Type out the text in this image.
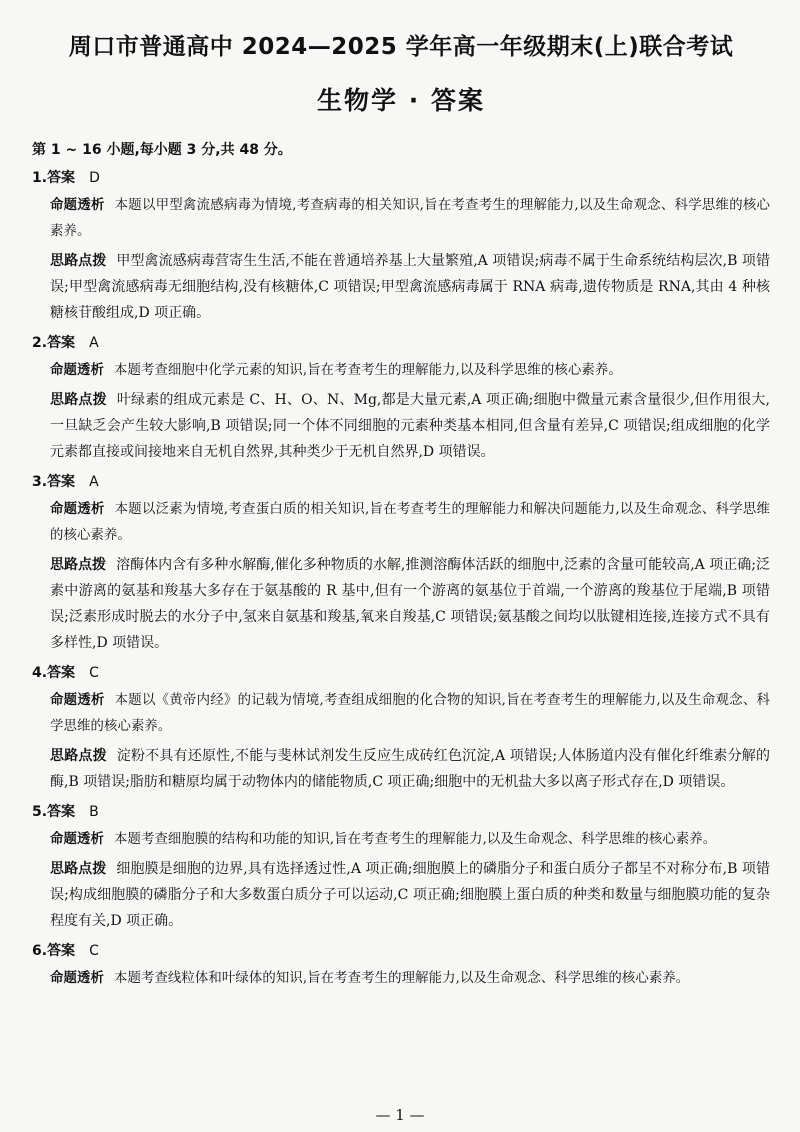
周口市普通高中 2024—2025 学年高一年级期末(上)联合考试
生物学 · 答案
第 1 ~ 16 小题,每小题 3 分,共 48 分。
1.答案 D

命题透析 本题以甲型禽流感病毒为情境,考查病毒的相关知识,旨在考查考生的理解能力,以及生命观念、科学思维的核心素养。

思路点拨 甲型禽流感病毒营寄生生活,不能在普通培养基上大量繁殖,A 项错误;病毒不属于生命系统结构层次,B 项错误;甲型禽流感病毒无细胞结构,没有核糖体,C 项错误;甲型禽流感病毒属于 RNA 病毒,遗传物质是 RNA,其由 4 种核糖核苷酸组成,D 项正确。

2.答案 A

命题透析 本题考查细胞中化学元素的知识,旨在考查考生的理解能力,以及科学思维的核心素养。

思路点拨 叶绿素的组成元素是 C、H、O、N、Mg,都是大量元素,A 项正确;细胞中微量元素含量很少,但作用很大,一旦缺乏会产生较大影响,B 项错误;同一个体不同细胞的元素种类基本相同,但含量有差异,C 项错误;组成细胞的化学元素都直接或间接地来自无机自然界,其种类少于无机自然界,D 项错误。

3.答案 A

命题透析 本题以泛素为情境,考查蛋白质的相关知识,旨在考查考生的理解能力和解决问题能力,以及生命观念、科学思维的核心素养。

思路点拨 溶酶体内含有多种水解酶,催化多种物质的水解,推测溶酶体活跃的细胞中,泛素的含量可能较高,A 项正确;泛素中游离的氨基和羧基大多存在于氨基酸的 R 基中,但有一个游离的氨基位于首端,一个游离的羧基位于尾端,B 项错误;泛素形成时脱去的水分子中,氢来自氨基和羧基,氧来自羧基,C 项错误;氨基酸之间均以肽键相连接,连接方式不具有多样性,D 项错误。

4.答案 C

命题透析 本题以《黄帝内经》的记载为情境,考查组成细胞的化合物的知识,旨在考查考生的理解能力,以及生命观念、科学思维的核心素养。

思路点拨 淀粉不具有还原性,不能与斐林试剂发生反应生成砖红色沉淀,A 项错误;人体肠道内没有催化纤维素分解的酶,B 项错误;脂肪和糖原均属于动物体内的储能物质,C 项正确;细胞中的无机盐大多以离子形式存在,D 项错误。

5.答案 B

命题透析 本题考查细胞膜的结构和功能的知识,旨在考查考生的理解能力,以及生命观念、科学思维的核心素养。

思路点拨 细胞膜是细胞的边界,具有选择透过性,A 项正确;细胞膜上的磷脂分子和蛋白质分子都呈不对称分布,B 项错误;构成细胞膜的磷脂分子和大多数蛋白质分子可以运动,C 项正确;细胞膜上蛋白质的种类和数量与细胞膜功能的复杂程度有关,D 项正确。

6.答案 C

命题透析 本题考查线粒体和叶绿体的知识,旨在考查考生的理解能力,以及生命观念、科学思维的核心素养。

— 1 —
